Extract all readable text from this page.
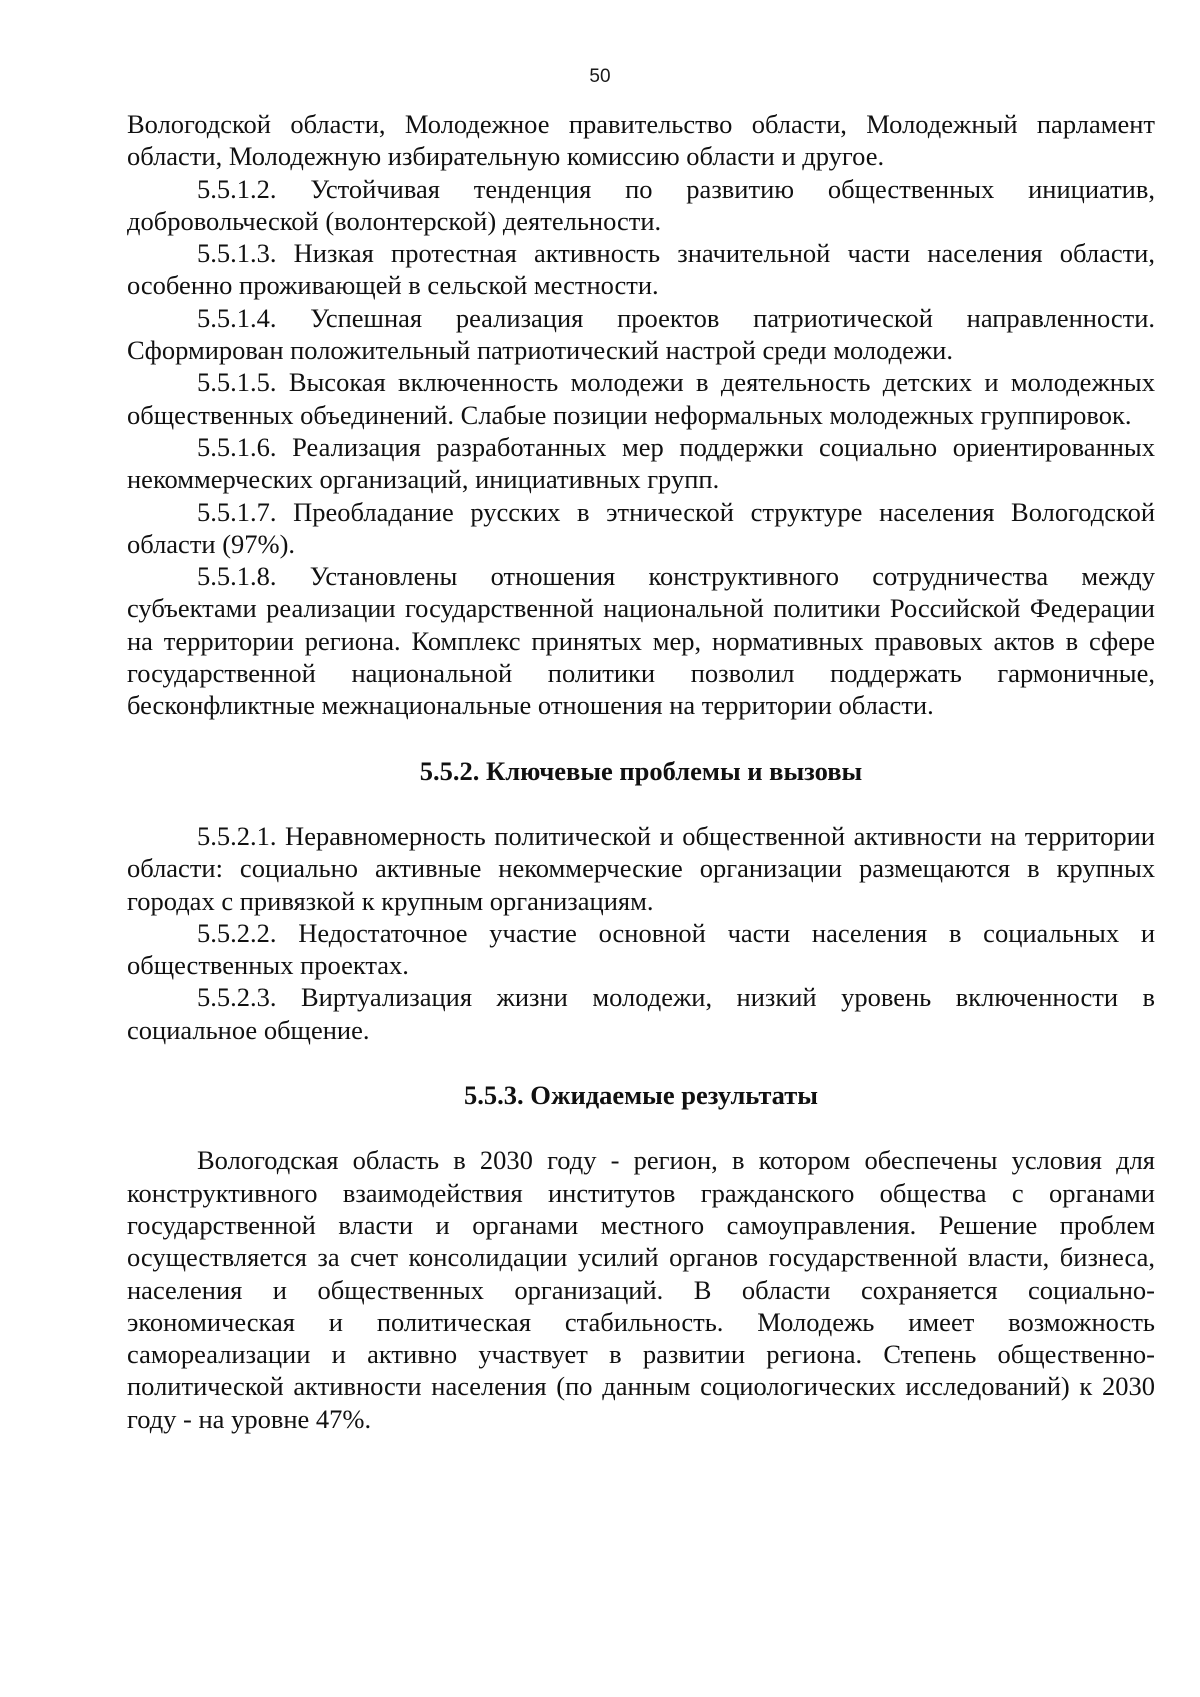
50

Вологодской области, Молодежное правительство области, Молодежный парламент области, Молодежную избирательную комиссию области и другое.

5.5.1.2. Устойчивая тенденция по развитию общественных инициатив, добровольческой (волонтерской) деятельности.

5.5.1.3. Низкая протестная активность значительной части населения области, особенно проживающей в сельской местности.

5.5.1.4. Успешная реализация проектов патриотической направленности. Сформирован положительный патриотический настрой среди молодежи.

5.5.1.5. Высокая включенность молодежи в деятельность детских и молодежных общественных объединений. Слабые позиции неформальных молодежных группировок.

5.5.1.6. Реализация разработанных мер поддержки социально ориентированных некоммерческих организаций, инициативных групп.

5.5.1.7. Преобладание русских в этнической структуре населения Вологодской области (97%).

5.5.1.8. Установлены отношения конструктивного сотрудничества между субъектами реализации государственной национальной политики Российской Федерации на территории региона. Комплекс принятых мер, нормативных правовых актов в сфере государственной национальной политики позволил поддержать гармоничные, бесконфликтные межнациональные отношения на территории области.

5.5.2. Ключевые проблемы и вызовы

5.5.2.1. Неравномерность политической и общественной активности на территории области: социально активные некоммерческие организации размещаются в крупных городах с привязкой к крупным организациям.

5.5.2.2. Недостаточное участие основной части населения в социальных и общественных проектах.

5.5.2.3. Виртуализация жизни молодежи, низкий уровень включенности в социальное общение.

5.5.3. Ожидаемые результаты

Вологодская область в 2030 году - регион, в котором обеспечены условия для конструктивного взаимодействия институтов гражданского общества с органами государственной власти и органами местного самоуправления. Решение проблем осуществляется за счет консолидации усилий органов государственной власти, бизнеса, населения и общественных организаций. В области сохраняется социально-экономическая и политическая стабильность. Молодежь имеет возможность самореализации и активно участвует в развитии региона. Степень общественно-политической активности населения (по данным социологических исследований) к 2030 году - на уровне 47%.
